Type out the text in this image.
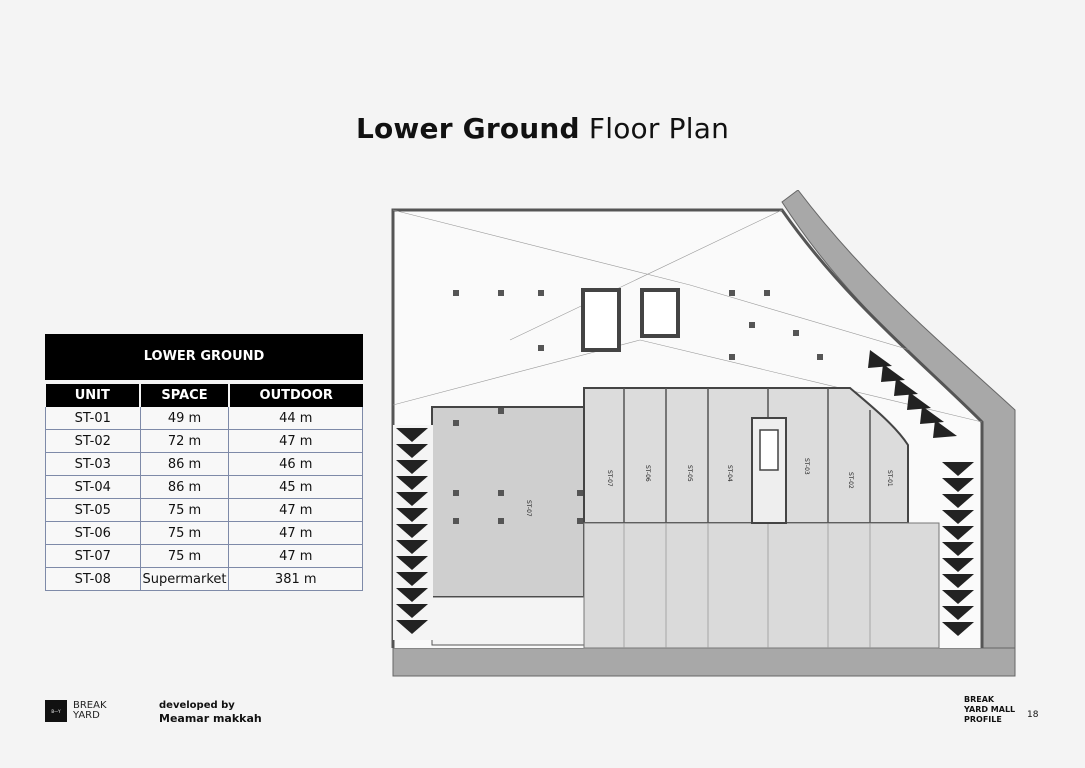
Lower Ground Floor Plan
LOWER GROUND
UNIT	SPACE	OUTDOOR
ST-01	49 m	44 m
ST-02	72 m	47 m
ST-03	86 m	46 m
ST-04	86 m	45 m
ST-05	75 m	47 m
ST-06	75 m	47 m
ST-07	75 m	47 m
ST-08	Supermarket	381 m
ST-07	ST-06	ST-05	ST-04	ST-03
ST-02	ST-01
ST-07
B—Y	BREAK
YARD
developed by
Meamar makkah
BREAK
YARD MALL
PROFILE	18
